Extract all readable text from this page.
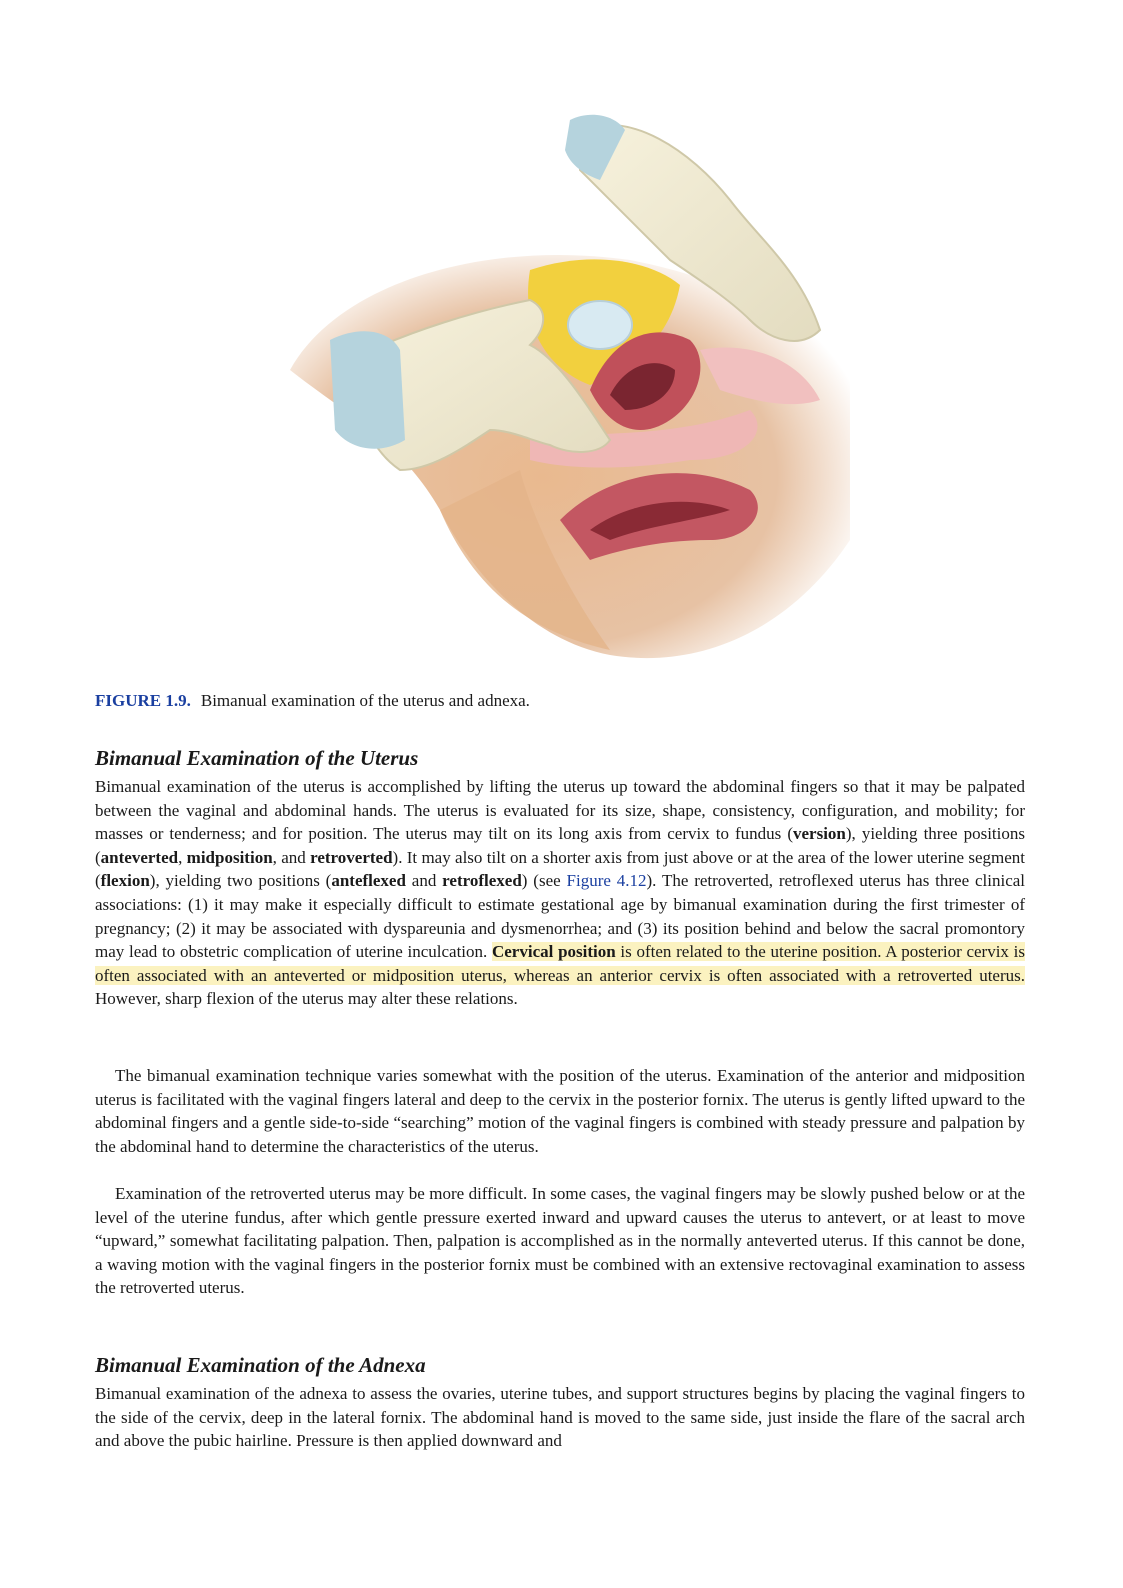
FIGURE 1.9. Bimanual examination of the uterus and adnexa.
Bimanual Examination of the Uterus

Bimanual examination of the uterus is accomplished by lifting the uterus up toward the abdominal fingers so that it may be palpated between the vaginal and abdominal hands. The uterus is evaluated for its size, shape, consistency, configuration, and mobility; for masses or tenderness; and for position. The uterus may tilt on its long axis from cervix to fundus (version), yielding three positions (anteverted, midposition, and retroverted). It may also tilt on a shorter axis from just above or at the area of the lower uterine segment (flexion), yielding two positions (anteflexed and retroflexed) (see Figure 4.12). The retroverted, retroflexed uterus has three clinical associations: (1) it may make it especially difficult to estimate gestational age by bimanual examination during the first trimester of pregnancy; (2) it may be associated with dyspareunia and dysmenorrhea; and (3) its position behind and below the sacral promontory may lead to obstetric complication of uterine inculcation. Cervical position is often related to the uterine position. A posterior cervix is often associated with an anteverted or midposition uterus, whereas an anterior cervix is often associated with a retroverted uterus. However, sharp flexion of the uterus may alter these relations.

The bimanual examination technique varies somewhat with the position of the uterus. Examination of the anterior and midposition uterus is facilitated with the vaginal fingers lateral and deep to the cervix in the posterior fornix. The uterus is gently lifted upward to the abdominal fingers and a gentle side-to-side “searching” motion of the vaginal fingers is combined with steady pressure and palpation by the abdominal hand to determine the characteristics of the uterus.

Examination of the retroverted uterus may be more difficult. In some cases, the vaginal fingers may be slowly pushed below or at the level of the uterine fundus, after which gentle pressure exerted inward and upward causes the uterus to antevert, or at least to move “upward,” somewhat facilitating palpation. Then, palpation is accomplished as in the normally anteverted uterus. If this cannot be done, a waving motion with the vaginal fingers in the posterior fornix must be combined with an extensive rectovaginal examination to assess the retroverted uterus.

Bimanual Examination of the Adnexa

Bimanual examination of the adnexa to assess the ovaries, uterine tubes, and support structures begins by placing the vaginal fingers to the side of the cervix, deep in the lateral fornix. The abdominal hand is moved to the same side, just inside the flare of the sacral arch and above the pubic hairline. Pressure is then applied downward and
